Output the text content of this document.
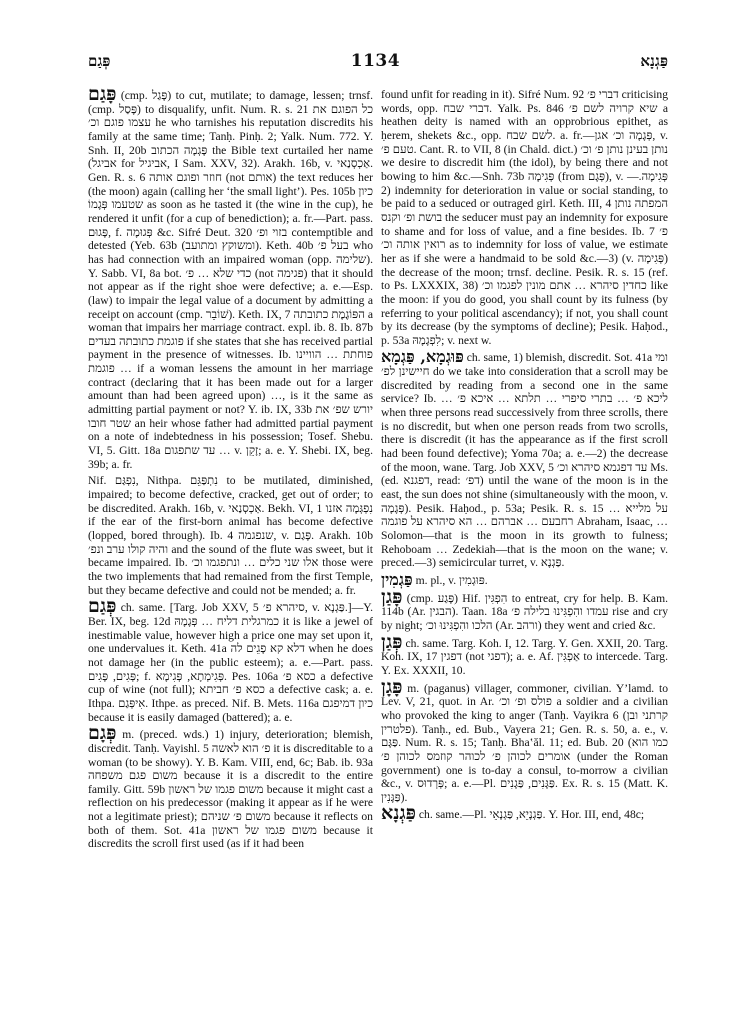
פְּגַם	1134	פַּגְנָא

פָּגַם (cmp. פָּגַל) to cut, mutilate; to damage, lessen; trnsf. (cmp. פָּסַל) to disqualify, unfit. Num. R. s. 21 כל הפוגם את עצמו פוגם וכ׳ he who tarnishes his reputation discredits his family at the same time; Tanḥ. Pinḥ. 2; Yalk. Num. 772. Y. Snh. II, 20b פָּגְמָה הכתוב the Bible text curtailed her name (אביגל for אביגיל, I Sam. XXV, 32). Arakh. 16b, v. אַכְסְנַאי. Gen. R. s. 6 חוזר ופוגם אותה (not אותם) the text reduces her (the moon) again (calling her ‘the small light’). Pes. 105b כיון שטעמו פְּגָמוֹ as soon as he tasted it (the wine in the cup), he rendered it unfit (for a cup of benediction); a. fr.—Part. pass. פָּגוּם, f. פְּגוּמָה &c. Sifré Deut. 320 בזוי ופ׳ contemptible and detested (Yeb. 63b (ומשוקץ ומתועב). Keth. 40b בעל פ׳ who has had connection with an impaired woman (opp. שלימה). Y. Sabb. VI, 8a bot. כדי שלא … פ׳ (not פגימה) that it should not appear as if the right shoe were defective; a. e.—Esp. (law) to impair the legal value of a document by admitting a receipt on account (cmp. שׁוֹבֵר). Keth. IX, 7 הפּוֹגֶמֶת כתובתה a woman that impairs her marriage contract. expl. ib. 8. Ib. 87b פוגמת כתובתה בעדים if she states that she has received partial payment in the presence of witnesses. Ib. פוחתת … הוויינו פוגמת … if a woman lessens the amount in her marriage contract (declaring that it has been made out for a larger amount than had been agreed upon) …, is it the same as admitting partial payment or not? Y. ib. IX, 33b יורש שפ׳ את שטר חובו an heir whose father had admitted partial payment on a note of indebtedness in his possession; Tosef. Shebu. VI, 5. Gitt. 18a עד שתפגום … v. זָקֵן; a. e. Y. Shebi. IX, beg. 39b; a. fr.

Nif. נִפְגַּם, Nithpa. נִתְפַּגֵּם to be mutilated, diminished, impaired; to become defective, cracked, get out of order; to be discredited. Arakh. 16b, v. אַכְסְנַאי. Bekh. VI, 1 נִפְגְּמָה אזנו if the ear of the first-born animal has become defective (lopped, bored through). Ib. 4 שנפגמה, v. פָּגַם. Arakh. 10b והיה קולו ערב ונפ׳ and the sound of the flute was sweet, but it became impaired. Ib. אלו שני כלים … ונתפגמו וכ׳ those were the two implements that had remained from the first Temple, but they became defective and could not be mended; a. fr.

פְּגַם ch. same. [Targ. Job XXV, 5 סיהרא פ׳, v. פַּגְנָא.]—Y. Ber. IX, beg. 12d כמרגלית דליח … פְּגָמָהּ it is like a jewel of inestimable value, however high a price one may set upon it, one undervalues it. Keth. 41a דלא קא פָגֵים לה when he does not damage her (in the public esteem); a. e.—Part. pass. פְּגִים, פָּגִים; f. פְּגִימְתָא, פְּגִימָא. Pes. 106a כסא פ׳ a defective cup of wine (not full); כסא פ׳ חביתא a defective cask; a. e. Ithpa. אִיפְּגַם. Ithpe. as preced. Nif. B. Mets. 116a כיון דמיפגם because it is easily damaged (battered); a. e.

פְּגָם m. (preced. wds.) 1) injury, deterioration; blemish, discredit. Tanḥ. Vayishl. 5 פ׳ הוא לאשה it is discreditable to a woman (to be showy). Y. B. Kam. VIII, end, 6c; Bab. ib. 93a משום פגם משפחה because it is a discredit to the entire family. Gitt. 59b משום פגמו של ראשון because it might cast a reflection on his predecessor (making it appear as if he were not a legitimate priest); משום פ׳ שניהם because it reflects on both of them. Sot. 41a משום פגמו של ראשון because it discredits the scroll first used (as if it had been

found unfit for reading in it). Sifré Num. 92 דברי פ׳ criticising words, opp. דברי שבח. Yalk. Ps. 846 שיא קרויה לשם פ׳ a heathen deity is named with an opprobrious epithet, as ḥerem, shekets &c., opp. לשם שבח. a. fr.—פְּגָמָה וכ׳ אגן, v. טעם פ׳. Cant. R. to VII, 8 (in Chald. dict.) נותן בעינן נותן פ׳ וכ׳ we desire to discredit him (the idol), by being there and not bowing to him &c.—Snh. 73b פְּגִימָה (from פְּגָם), v. פְּגִימָה.—2) indemnity for deterioration in value or social standing, to be paid to a seduced or outraged girl. Keth. III, 4 המפתה נותן בושת ופ׳ וקנס the seducer must pay an indemnity for exposure to shame and for loss of value, and a fine besides. Ib. 7 פ׳ רואין אותה וכ׳ as to indemnity for loss of value, we estimate her as if she were a handmaid to be sold &c.—3) (v. פְּגִימָה) the decrease of the moon; trnsf. decline. Pesik. R. s. 15 (ref. to Ps. LXXXIX, 38) כחדין סיהרא … אתם מונין לפגמו וכ׳ like the moon: if you do good, you shall count by its fulness (by referring to your political ascendancy); if not, you shall count by its decrease (by the symptoms of decline); Pesik. Haḥod., p. 53a לִפְגָמָהּ; v. next w.

פּוּגְמָא, פַּגְמָא ch. same, 1) blemish, discredit. Sot. 41a ומי חיישינן לפ׳ do we take into consideration that a scroll may be discredited by reading from a second one in the same service? Ib. … ליכא פ׳ … בתרי סיפרי … תלתא … איכא פ׳ when three persons read successively from three scrolls, there is no discredit, but when one person reads from two scrolls, there is discredit (it has the appearance as if the first scroll had been found defective); Yoma 70a; a. e.—2) the decrease of the moon, wane. Targ. Job XXV, 5 עד דפגמא סיהרא וכ׳ Ms. (ed. דפגנא, read: דפ׳) until the wane of the moon is in the east, the sun does not shine (simultaneously with the moon, v. פְּגָמָה). Pesik. Haḥod., p. 53a; Pesik. R. s. 15 … על מלייא רחבעם … אברהם … הא סיהרא על פוגמה Abraham, Isaac, … Solomon—that is the moon in its growth to fulness; Rehoboam … Zedekiah—that is the moon on the wane; v. preced.—3) semicircular turret, v. פַּגְנָא.

פַּגְמִין m. pl., v. פּוּגְמִין.

פָּגַן (cmp. פָּגַע) Hif. הִפְגִּין to entreat, cry for help. B. Kam. 114b (Ar. הבגין). Taan. 18a עמדו והִפְגִּינוּ בלילה פ׳ rise and cry by night; הלכו והִפְגִּינוּ וכ׳ (Ar. ורהב) they went and cried &c.

פְּגַן ch. same. Targ. Koh. I, 12. Targ. Y. Gen. XXII, 20. Targ. Koh. IX, 17 דפגין (not דפגי); a. e. Af. אַפְגִּין to intercede. Targ. Y. Ex. XXXII, 10.

פָּגָן m. (paganus) villager, commoner, civilian. Y’lamd. to Lev. V, 21, quot. in Ar. פולס ופ׳ וכ׳ a soldier and a civilian who provoked the king to anger (Tanḥ. Vayikra 6 (קרתני ובן פלטרין). Tanḥ., ed. Bub., Vayera 21; Gen. R. s. 50, a. e., v. פַּגָּם. Num. R. s. 15; Tanḥ. Bha‛ăl. 11; ed. Bub. 20 (כמו הוא אומרים לכוהן פ׳ לכוהר קוזמס לכוהן פ׳ (under the Roman government) one is to-day a consul, to-morrow a civilian &c., v. פְּרְדוּס; a. e.—Pl. פַּגָּנִים, פַּגָנִים. Ex. R. s. 15 (Matt. K. פַּגָּנִין).

פַּגְנָא ch. same.—Pl. פַּגְנָיֵא, פַּגְנָאֵי. Y. Hor. III, end, 48c;
